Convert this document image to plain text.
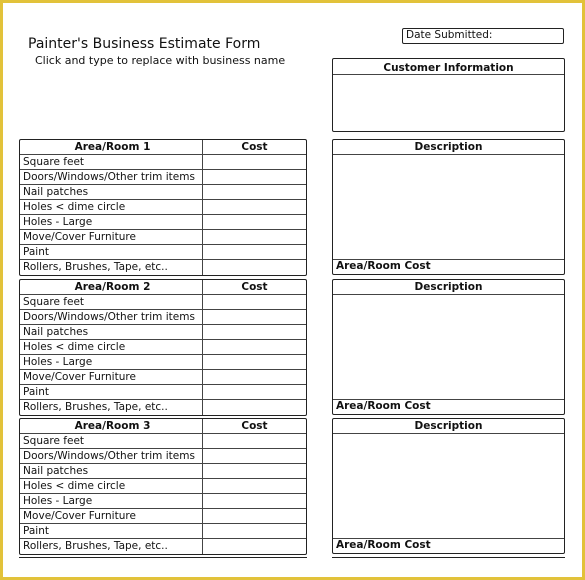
Painter's Business Estimate Form
Click and type to replace with business name
Date Submitted:
Customer Information
Area/Room 1	Cost
Square feet
Doors/Windows/Other trim items
Nail patches
Holes < dime circle
Holes - Large
Move/Cover Furniture
Paint
Rollers, Brushes, Tape, etc..
Description
Area/Room Cost
Area/Room 2	Cost
Square feet
Doors/Windows/Other trim items
Nail patches
Holes < dime circle
Holes - Large
Move/Cover Furniture
Paint
Rollers, Brushes, Tape, etc..
Description
Area/Room Cost
Area/Room 3	Cost
Square feet
Doors/Windows/Other trim items
Nail patches
Holes < dime circle
Holes - Large
Move/Cover Furniture
Paint
Rollers, Brushes, Tape, etc..
Description
Area/Room Cost
